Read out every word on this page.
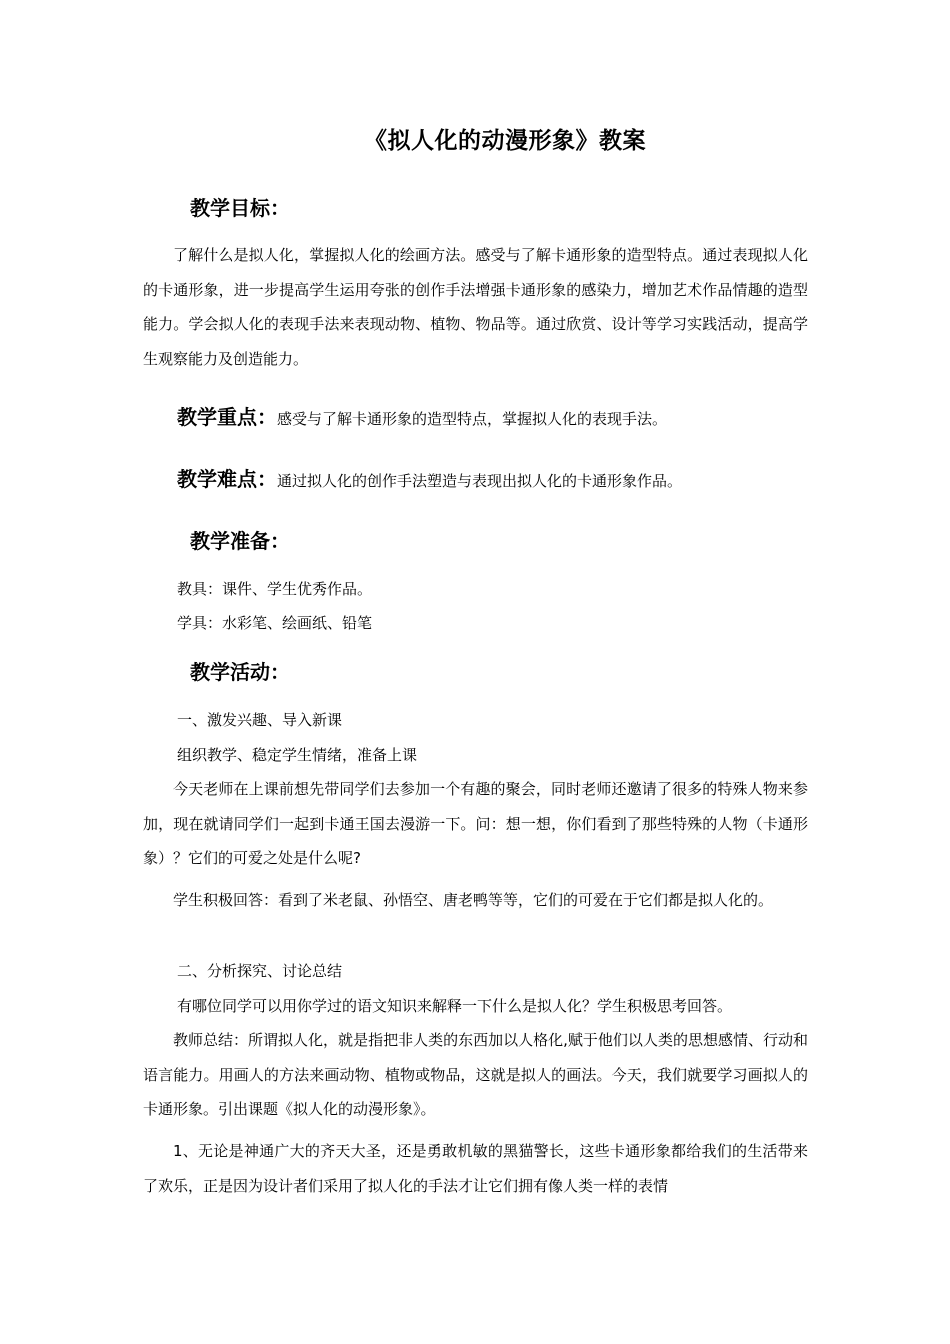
《拟人化的动漫形象》教案
教学目标：
了解什么是拟人化，掌握拟人化的绘画方法。感受与了解卡通形象的造型特点。通过表现拟人化的卡通形象，进一步提高学生运用夸张的创作手法增强卡通形象的感染力，增加艺术作品情趣的造型能力。学会拟人化的表现手法来表现动物、植物、物品等。通过欣赏、设计等学习实践活动，提高学生观察能力及创造能力。
教学重点：感受与了解卡通形象的造型特点，掌握拟人化的表现手法。
教学难点：通过拟人化的创作手法塑造与表现出拟人化的卡通形象作品。
教学准备：
教具：课件、学生优秀作品。
学具：水彩笔、绘画纸、铅笔
教学活动：
一、激发兴趣、导入新课
组织教学、稳定学生情绪，准备上课
今天老师在上课前想先带同学们去参加一个有趣的聚会，同时老师还邀请了很多的特殊人物来参加，现在就请同学们一起到卡通王国去漫游一下。问：想一想，你们看到了那些特殊的人物（卡通形象）？它们的可爱之处是什么呢?
学生积极回答：看到了米老鼠、孙悟空、唐老鸭等等，它们的可爱在于它们都是拟人化的。
二、分析探究、讨论总结
有哪位同学可以用你学过的语文知识来解释一下什么是拟人化？学生积极思考回答。
教师总结：所谓拟人化，就是指把非人类的东西加以人格化,赋于他们以人类的思想感情、行动和语言能力。用画人的方法来画动物、植物或物品，这就是拟人的画法。今天，我们就要学习画拟人的卡通形象。引出课题《拟人化的动漫形象》。
1、无论是神通广大的齐天大圣，还是勇敢机敏的黑猫警长，这些卡通形象都给我们的生活带来了欢乐，正是因为设计者们采用了拟人化的手法才让它们拥有像人类一样的表情
